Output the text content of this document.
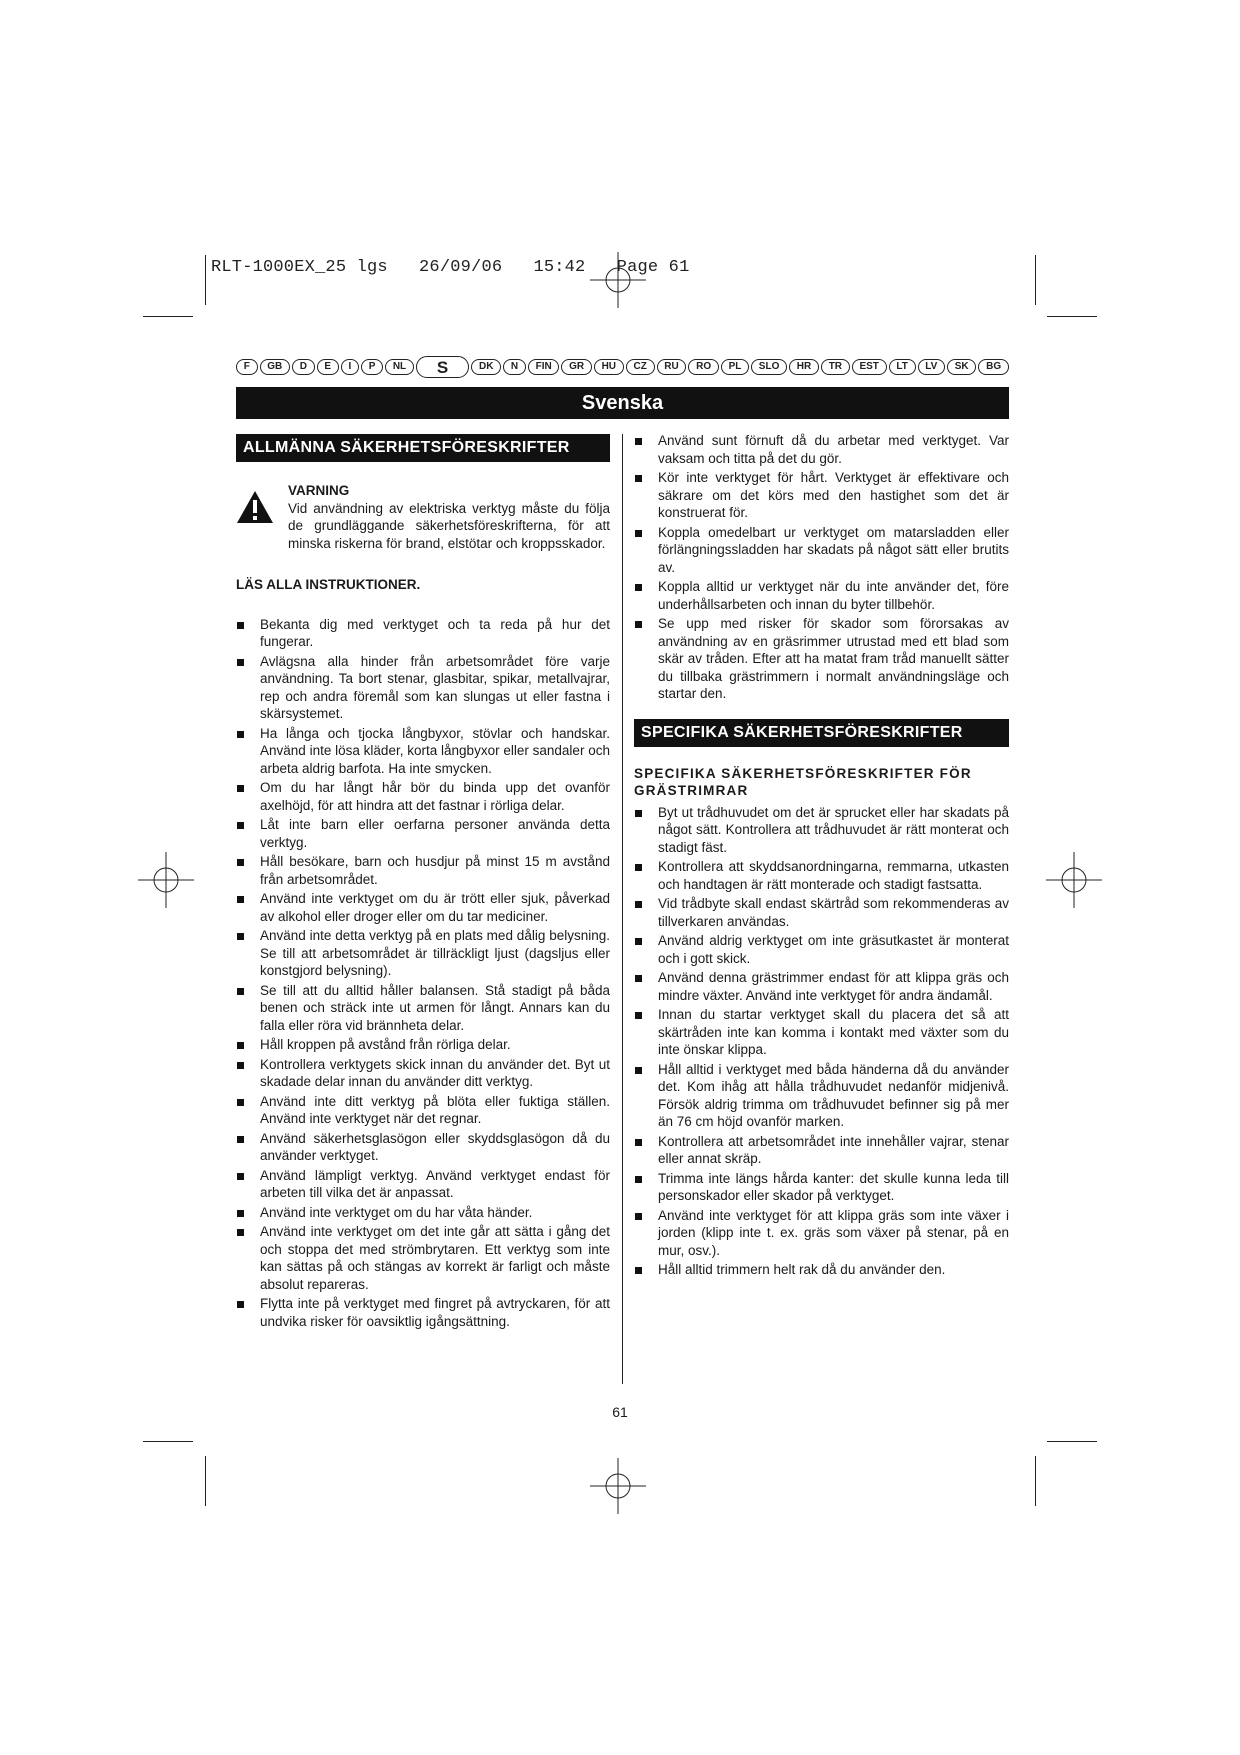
RLT-1000EX_25 lgs   26/09/06   15:42   Page 61
F	GB	D	E	I	P	NL	S	DK	N	FIN	GR	HU	CZ	RU	RO	PL	SLO	HR	TR	EST	LT	LV	SK	BG
Svenska
ALLMÄNNA SÄKERHETSFÖRESKRIFTER
VARNING
Vid användning av elektriska verktyg måste du följa de grundläggande säkerhetsföreskrifterna, för att minska riskerna för brand, elstötar och kroppsskador.
LÄS ALLA INSTRUKTIONER.
Bekanta dig med verktyget och ta reda på hur det fungerar.
Avlägsna alla hinder från arbetsområdet före varje användning. Ta bort stenar, glasbitar, spikar, metallvajrar, rep och andra föremål som kan slungas ut eller fastna i skärsystemet.
Ha långa och tjocka långbyxor, stövlar och handskar. Använd inte lösa kläder, korta långbyxor eller sandaler och arbeta aldrig barfota. Ha inte smycken.
Om du har långt hår bör du binda upp det ovanför axelhöjd, för att hindra att det fastnar i rörliga delar.
Låt inte barn eller oerfarna personer använda detta verktyg.
Håll besökare, barn och husdjur på minst 15 m avstånd från arbetsområdet.
Använd inte verktyget om du är trött eller sjuk, påverkad av alkohol eller droger eller om du tar mediciner.
Använd inte detta verktyg på en plats med dålig belysning. Se till att arbetsområdet är tillräckligt ljust (dagsljus eller konstgjord belysning).
Se till att du alltid håller balansen. Stå stadigt på båda benen och sträck inte ut armen för långt. Annars kan du falla eller röra vid brännheta delar.
Håll kroppen på avstånd från rörliga delar.
Kontrollera verktygets skick innan du använder det. Byt ut skadade delar innan du använder ditt verktyg.
Använd inte ditt verktyg på blöta eller fuktiga ställen. Använd inte verktyget när det regnar.
Använd säkerhetsglasögon eller skyddsglasögon då du använder verktyget.
Använd lämpligt verktyg. Använd verktyget endast för arbeten till vilka det är anpassat.
Använd inte verktyget om du har våta händer.
Använd inte verktyget om det inte går att sätta i gång det och stoppa det med strömbrytaren. Ett verktyg som inte kan sättas på och stängas av korrekt är farligt och måste absolut repareras.
Flytta inte på verktyget med fingret på avtryckaren, för att undvika risker för oavsiktlig igångsättning.
Använd sunt förnuft då du arbetar med verktyget. Var vaksam och titta på det du gör.
Kör inte verktyget för hårt. Verktyget är effektivare och säkrare om det körs med den hastighet som det är konstruerat för.
Koppla omedelbart ur verktyget om matarsladden eller förlängningssladden har skadats på något sätt eller brutits av.
Koppla alltid ur verktyget när du inte använder det, före underhållsarbeten och innan du byter tillbehör.
Se upp med risker för skador som förorsakas av användning av en gräsrimmer utrustad med ett blad som skär av tråden. Efter att ha matat fram tråd manuellt sätter du tillbaka grästrimmern i normalt användningsläge och startar den.
SPECIFIKA SÄKERHETSFÖRESKRIFTER
SPECIFIKA SÄKERHETSFÖRESKRIFTER FÖR GRÄSTRIMRAR
Byt ut trådhuvudet om det är sprucket eller har skadats på något sätt. Kontrollera att trådhuvudet är rätt monterat och stadigt fäst.
Kontrollera att skyddsanordningarna, remmarna, utkasten och handtagen är rätt monterade och stadigt fastsatta.
Vid trådbyte skall endast skärtråd som rekommenderas av tillverkaren användas.
Använd aldrig verktyget om inte gräsutkastet är monterat och i gott skick.
Använd denna grästrimmer endast för att klippa gräs och mindre växter. Använd inte verktyget för andra ändamål.
Innan du startar verktyget skall du placera det så att skärtråden inte kan komma i kontakt med växter som du inte önskar klippa.
Håll alltid i verktyget med båda händerna då du använder det. Kom ihåg att hålla trådhuvudet nedanför midjenivå. Försök aldrig trimma om trådhuvudet befinner sig på mer än 76 cm höjd ovanför marken.
Kontrollera att arbetsområdet inte innehåller vajrar, stenar eller annat skräp.
Trimma inte längs hårda kanter: det skulle kunna leda till personskador eller skador på verktyget.
Använd inte verktyget för att klippa gräs som inte växer i jorden (klipp inte t. ex. gräs som växer på stenar, på en mur, osv.).
Håll alltid trimmern helt rak då du använder den.
61
